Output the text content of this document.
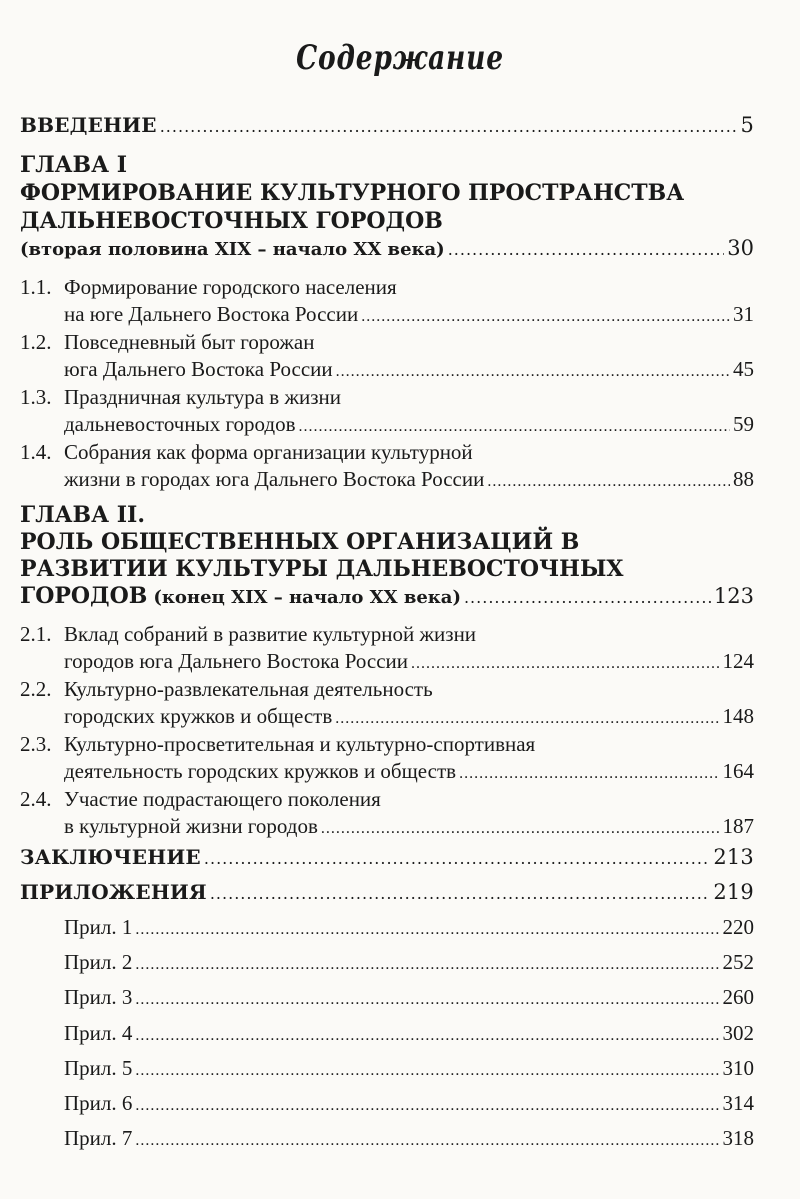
Содержание
ВВЕДЕНИЕ .....	5
ГЛАВА I
ФОРМИРОВАНИЕ КУЛЬТУРНОГО ПРОСТРАНСТВА
ДАЛЬНЕВОСТОЧНЫХ ГОРОДОВ
(вторая половина XIX – начало XX века) .....	30
1.1. Формирование городского населения
на юге Дальнего Востока России .....	31
1.2. Повседневный быт горожан
юга Дальнего Востока России .....	45
1.3. Праздничная культура в жизни
дальневосточных городов .....	59
1.4. Собрания как форма организации культурной
жизни в городах юга Дальнего Востока России .....	88
ГЛАВА II.
РОЛЬ ОБЩЕСТВЕННЫХ ОРГАНИЗАЦИЙ В
РАЗВИТИИ КУЛЬТУРЫ ДАЛЬНЕВОСТОЧНЫХ
ГОРОДОВ (конец XIX – начало XX века) .....	123
2.1. Вклад собраний в развитие культурной жизни
городов юга Дальнего Востока России .....	124
2.2. Культурно-развлекательная деятельность
городских кружков и обществ .....	148
2.3. Культурно-просветительная и культурно-спортивная
деятельность городских кружков и обществ .....	164
2.4. Участие подрастающего поколения
в культурной жизни городов .....	187
ЗАКЛЮЧЕНИЕ .....	213
ПРИЛОЖЕНИЯ .....	219
Прил. 1 .....	220
Прил. 2 .....	252
Прил. 3 .....	260
Прил. 4 .....	302
Прил. 5 .....	310
Прил. 6 .....	314
Прил. 7 .....	318
